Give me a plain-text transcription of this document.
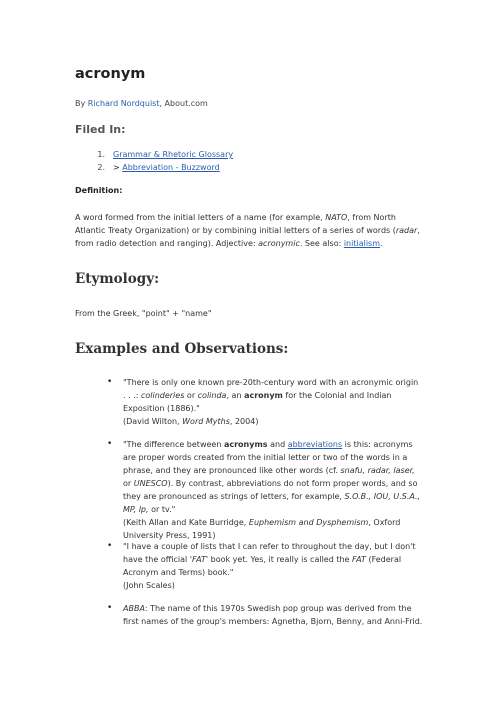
acronym
By Richard Nordquist, About.com
Filed In:
1. Grammar & Rhetoric Glossary
2. > Abbreviation - Buzzword
Definition:

A word formed from the initial letters of a name (for example, NATO, from North Atlantic Treaty Organization) or by combining initial letters of a series of words (radar, from radio detection and ranging). Adjective: acronymic. See also: initialism.

Etymology:

From the Greek, "point" + "name"

Examples and Observations:
• "There is only one known pre-20th-century word with an acronymic origin . . .: colinderies or colinda, an acronym for the Colonial and Indian Exposition (1886)."
(David Wilton, Word Myths, 2004)
• "The difference between acronyms and abbreviations is this: acronyms are proper words created from the initial letter or two of the words in a phrase, and they are pronounced like other words (cf. snafu, radar, laser, or UNESCO). By contrast, abbreviations do not form proper words, and so they are pronounced as strings of letters, for example, S.O.B., IOU, U.S.A., MP, lp, or tv."
(Keith Allan and Kate Burridge, Euphemism and Dysphemism, Oxford University Press, 1991)
• "I have a couple of lists that I can refer to throughout the day, but I don't have the official 'FAT' book yet. Yes, it really is called the FAT (Federal Acronym and Terms) book."
(John Scales)
• ABBA: The name of this 1970s Swedish pop group was derived from the first names of the group's members: Agnetha, Bjorn, Benny, and Anni-Frid.
